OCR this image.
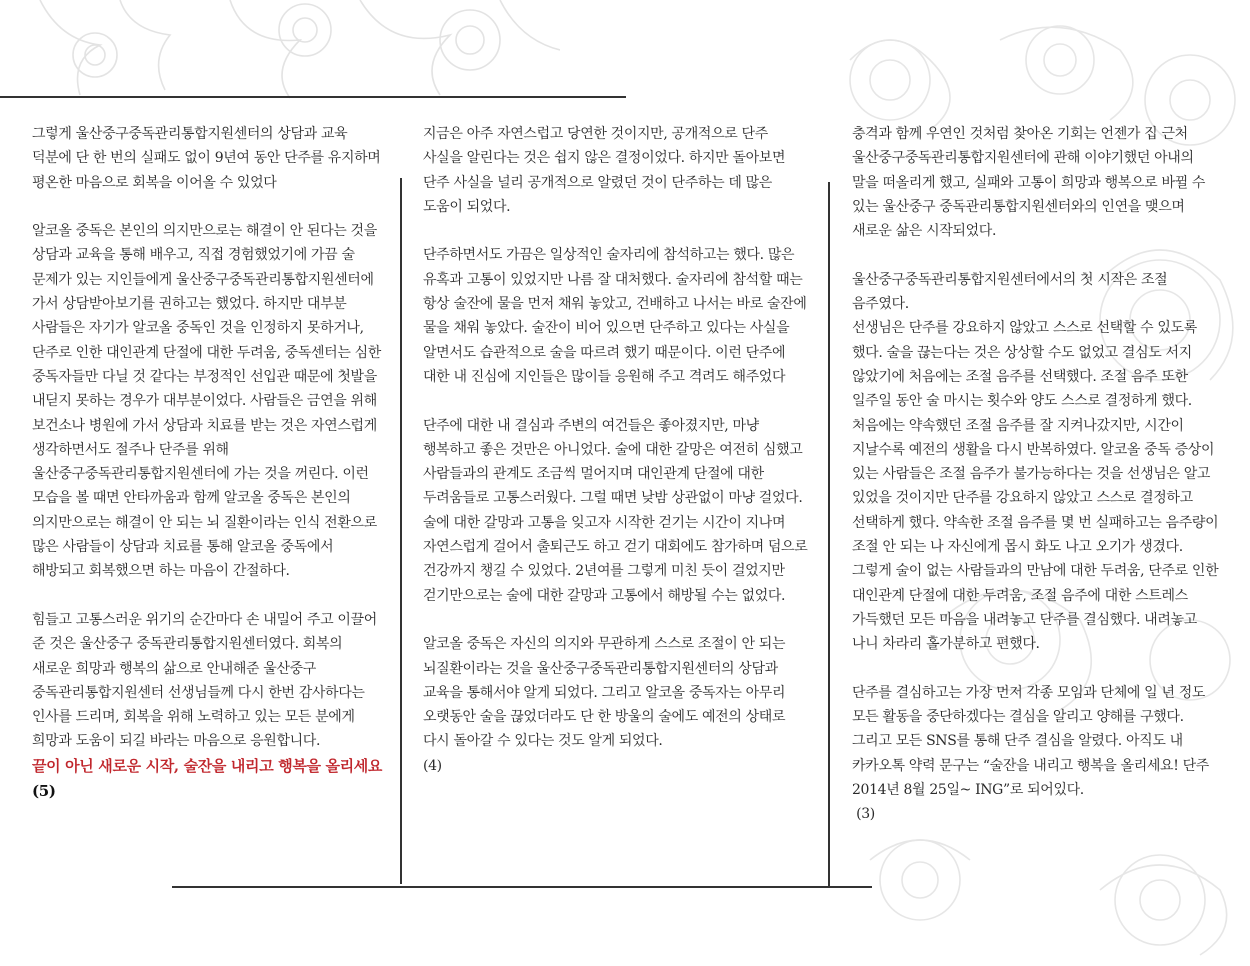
그렇게 울산중구중독관리통합지원센터의 상담과 교육 덕분에 단 한 번의 실패도 없이 9년여 동안 단주를 유지하며 평온한 마음으로 회복을 이어올 수 있었다

알코올 중독은 본인의 의지만으로는 해결이 안 된다는 것을 상담과 교육을 통해 배우고, 직접 경험했었기에 가끔 술 문제가 있는 지인들에게 울산중구중독관리통합지원센터에 가서 상담받아보기를 권하고는 했었다. 하지만 대부분 사람들은 자기가 알코올 중독인 것을 인정하지 못하거나, 단주로 인한 대인관계 단절에 대한 두려움, 중독센터는 심한 중독자들만 다닐 것 같다는 부정적인 선입관 때문에 첫발을 내딛지 못하는 경우가 대부분이었다. 사람들은 금연을 위해 보건소나 병원에 가서 상담과 치료를 받는 것은 자연스럽게 생각하면서도 절주나 단주를 위해 울산중구중독관리통합지원센터에 가는 것을 꺼린다. 이런 모습을 볼 때면 안타까움과 함께 알코올 중독은 본인의 의지만으로는 해결이 안 되는 뇌 질환이라는 인식 전환으로 많은 사람들이 상담과 치료를 통해 알코올 중독에서 해방되고 회복했으면 하는 마음이 간절하다.

힘들고 고통스러운 위기의 순간마다 손 내밀어 주고 이끌어 준 것은 울산중구 중독관리통합지원센터였다. 회복의 새로운 희망과 행복의 삶으로 안내해준 울산중구 중독관리통합지원센터 선생님들께 다시 한번 감사하다는 인사를 드리며, 회복을 위해 노력하고 있는 모든 분에게 희망과 도움이 되길 바라는 마음으로 응원합니다.

끝이 아닌 새로운 시작, 술잔을 내리고 행복을 올리세요(5)

지금은 아주 자연스럽고 당연한 것이지만, 공개적으로 단주 사실을 알린다는 것은 쉽지 않은 결정이었다. 하지만 돌아보면 단주 사실을 널리 공개적으로 알렸던 것이 단주하는 데 많은 도움이 되었다.

단주하면서도 가끔은 일상적인 술자리에 참석하고는 했다. 많은 유혹과 고통이 있었지만 나름 잘 대처했다. 술자리에 참석할 때는 항상 술잔에 물을 먼저 채워 놓았고, 건배하고 나서는 바로 술잔에 물을 채워 놓았다. 술잔이 비어 있으면 단주하고 있다는 사실을 알면서도 습관적으로 술을 따르려 했기 때문이다. 이런 단주에 대한 내 진심에 지인들은 많이들 응원해 주고 격려도 해주었다

단주에 대한 내 결심과 주변의 여건들은 좋아졌지만, 마냥 행복하고 좋은 것만은 아니었다. 술에 대한 갈망은 여전히 심했고 사람들과의 관계도 조금씩 멀어지며 대인관계 단절에 대한 두려움들로 고통스러웠다. 그럴 때면 낮밤 상관없이 마냥 걸었다. 술에 대한 갈망과 고통을 잊고자 시작한 걷기는 시간이 지나며 자연스럽게 걸어서 출퇴근도 하고 걷기 대회에도 참가하며 덤으로 건강까지 챙길 수 있었다. 2년여를 그렇게 미친 듯이 걸었지만 걷기만으로는 술에 대한 갈망과 고통에서 해방될 수는 없었다.

알코올 중독은 자신의 의지와 무관하게 스스로 조절이 안 되는 뇌질환이라는 것을 울산중구중독관리통합지원센터의 상담과 교육을 통해서야 알게 되었다. 그리고 알코올 중독자는 아무리 오랫동안 술을 끊었더라도 단 한 방울의 술에도 예전의 상태로 다시 돌아갈 수 있다는 것도 알게 되었다.

(4)

충격과 함께 우연인 것처럼 찾아온 기회는 언젠가 집 근처 울산중구중독관리통합지원센터에 관해 이야기했던 아내의 말을 떠올리게 했고, 실패와 고통이 희망과 행복으로 바뀔 수 있는 울산중구 중독관리통합지원센터와의 인연을 맺으며 새로운 삶은 시작되었다.

울산중구중독관리통합지원센터에서의 첫 시작은 조절 음주였다.

선생님은 단주를 강요하지 않았고 스스로 선택할 수 있도록 했다. 술을 끊는다는 것은 상상할 수도 없었고 결심도 서지 않았기에 처음에는 조절 음주를 선택했다. 조절 음주 또한 일주일 동안 술 마시는 횟수와 양도 스스로 결정하게 했다. 처음에는 약속했던 조절 음주를 잘 지켜나갔지만, 시간이 지날수록 예전의 생활을 다시 반복하였다. 알코올 중독 증상이 있는 사람들은 조절 음주가 불가능하다는 것을 선생님은 알고 있었을 것이지만 단주를 강요하지 않았고 스스로 결정하고 선택하게 했다. 약속한 조절 음주를 몇 번 실패하고는 음주량이 조절 안 되는 나 자신에게 몹시 화도 나고 오기가 생겼다. 그렇게 술이 없는 사람들과의 만남에 대한 두려움, 단주로 인한 대인관계 단절에 대한 두려움, 조절 음주에 대한 스트레스 가득했던 모든 마음을 내려놓고 단주를 결심했다. 내려놓고 나니 차라리 홀가분하고 편했다.

단주를 결심하고는 가장 먼저 각종 모임과 단체에 일 년 정도 모든 활동을 중단하겠다는 결심을 알리고 양해를 구했다. 그리고 모든 SNS를 통해 단주 결심을 알렸다. 아직도 내 카카오톡 약력 문구는 “술잔을 내리고 행복을 올리세요! 단주 2014년 8월 25일~ ING”로 되어있다.

(3)
